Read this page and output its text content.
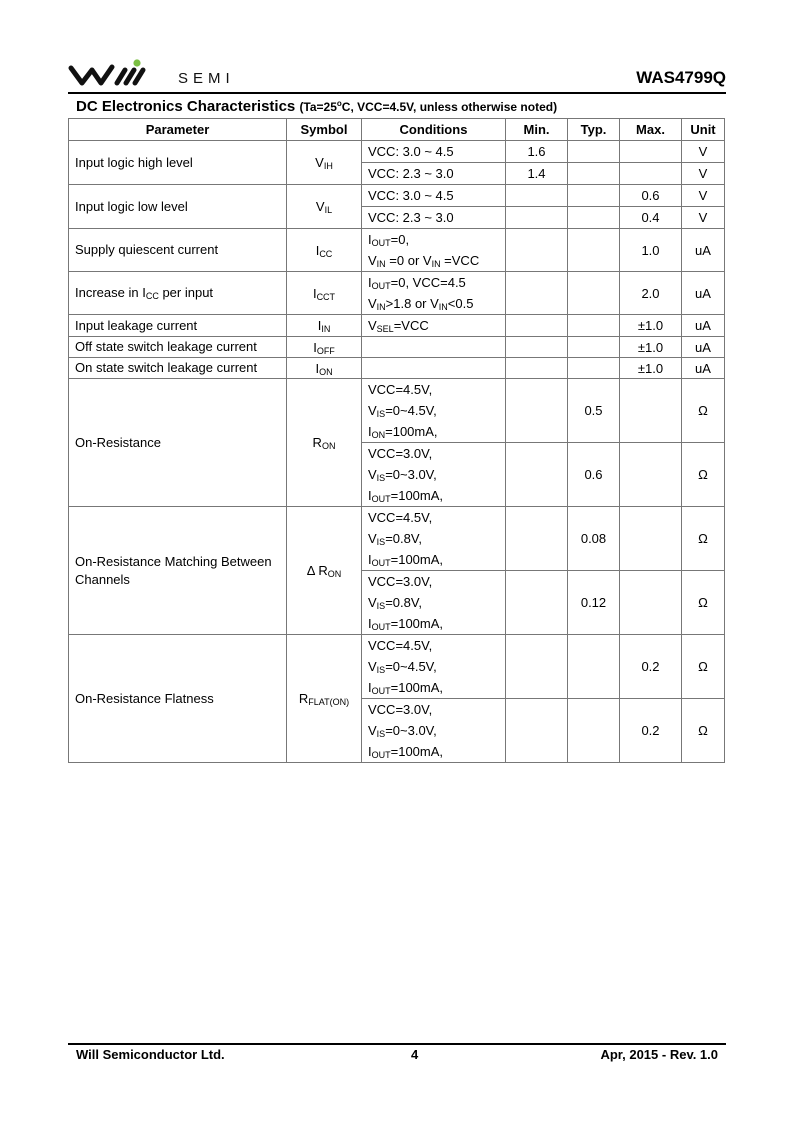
SEMI	WAS4799Q
DC Electronics Characteristics ($Ta=25^oC$, VCC=4.5V, unless otherwise noted)
Parameter	Symbol	Conditions	Min.	Typ.	Max.	Unit
Input logic high level	$V_{IH}$	VCC: 3.0 ~ 4.5	1.6			V
		VCC: 2.3 ~ 3.0	1.4			V
Input logic low level	$V_{IL}$	VCC: 3.0 ~ 4.5			0.6	V
		VCC: 2.3 ~ 3.0			0.4	V
Supply quiescent current	$I_{CC}$	$I_{OUT}=0$,
$V_{IN} =0$ or $V_{IN} =VCC$			1.0	uA
Increase in $I_{CC}$ per input	$I_{CCT}$	$I_{OUT}=0$, VCC=4.5
$V_{IN}>1.8$ or $V_{IN}<0.5$			2.0	uA
Input leakage current	$I_{IN}$	$V_{SEL}=VCC$			±1.0	uA
Off state switch leakage current	$I_{OFF}$				±1.0	uA
On state switch leakage current	$I_{ON}$				±1.0	uA
On-Resistance	$R_{ON}$	VCC=4.5V,
$V_{IS}=0\sim 4.5V$,
$I_{ON}=100mA$,		0.5		Ω

		VCC=3.0V,
$V_{IS}=0\sim 3.0V$,
$I_{OUT}=100mA$,		0.6		Ω
On-Resistance Matching Between Channels	Δ $R_{ON}$	VCC=4.5V,
$V_{IS}=0.8V$,
$I_{OUT}=100mA$,		0.08		Ω

		VCC=3.0V,
$V_{IS}=0.8V$,
$I_{OUT}=100mA$,		0.12		Ω
On-Resistance Flatness	$R_{FLAT(ON)}$	VCC=4.5V,
$V_{IS}=0\sim 4.5V$,
$I_{OUT}=100mA$,			0.2	Ω

		VCC=3.0V,
$V_{IS}=0\sim 3.0V$,
$I_{OUT}=100mA$,			0.2	Ω
Will Semiconductor Ltd.	4	Apr, 2015 - Rev. 1.0
